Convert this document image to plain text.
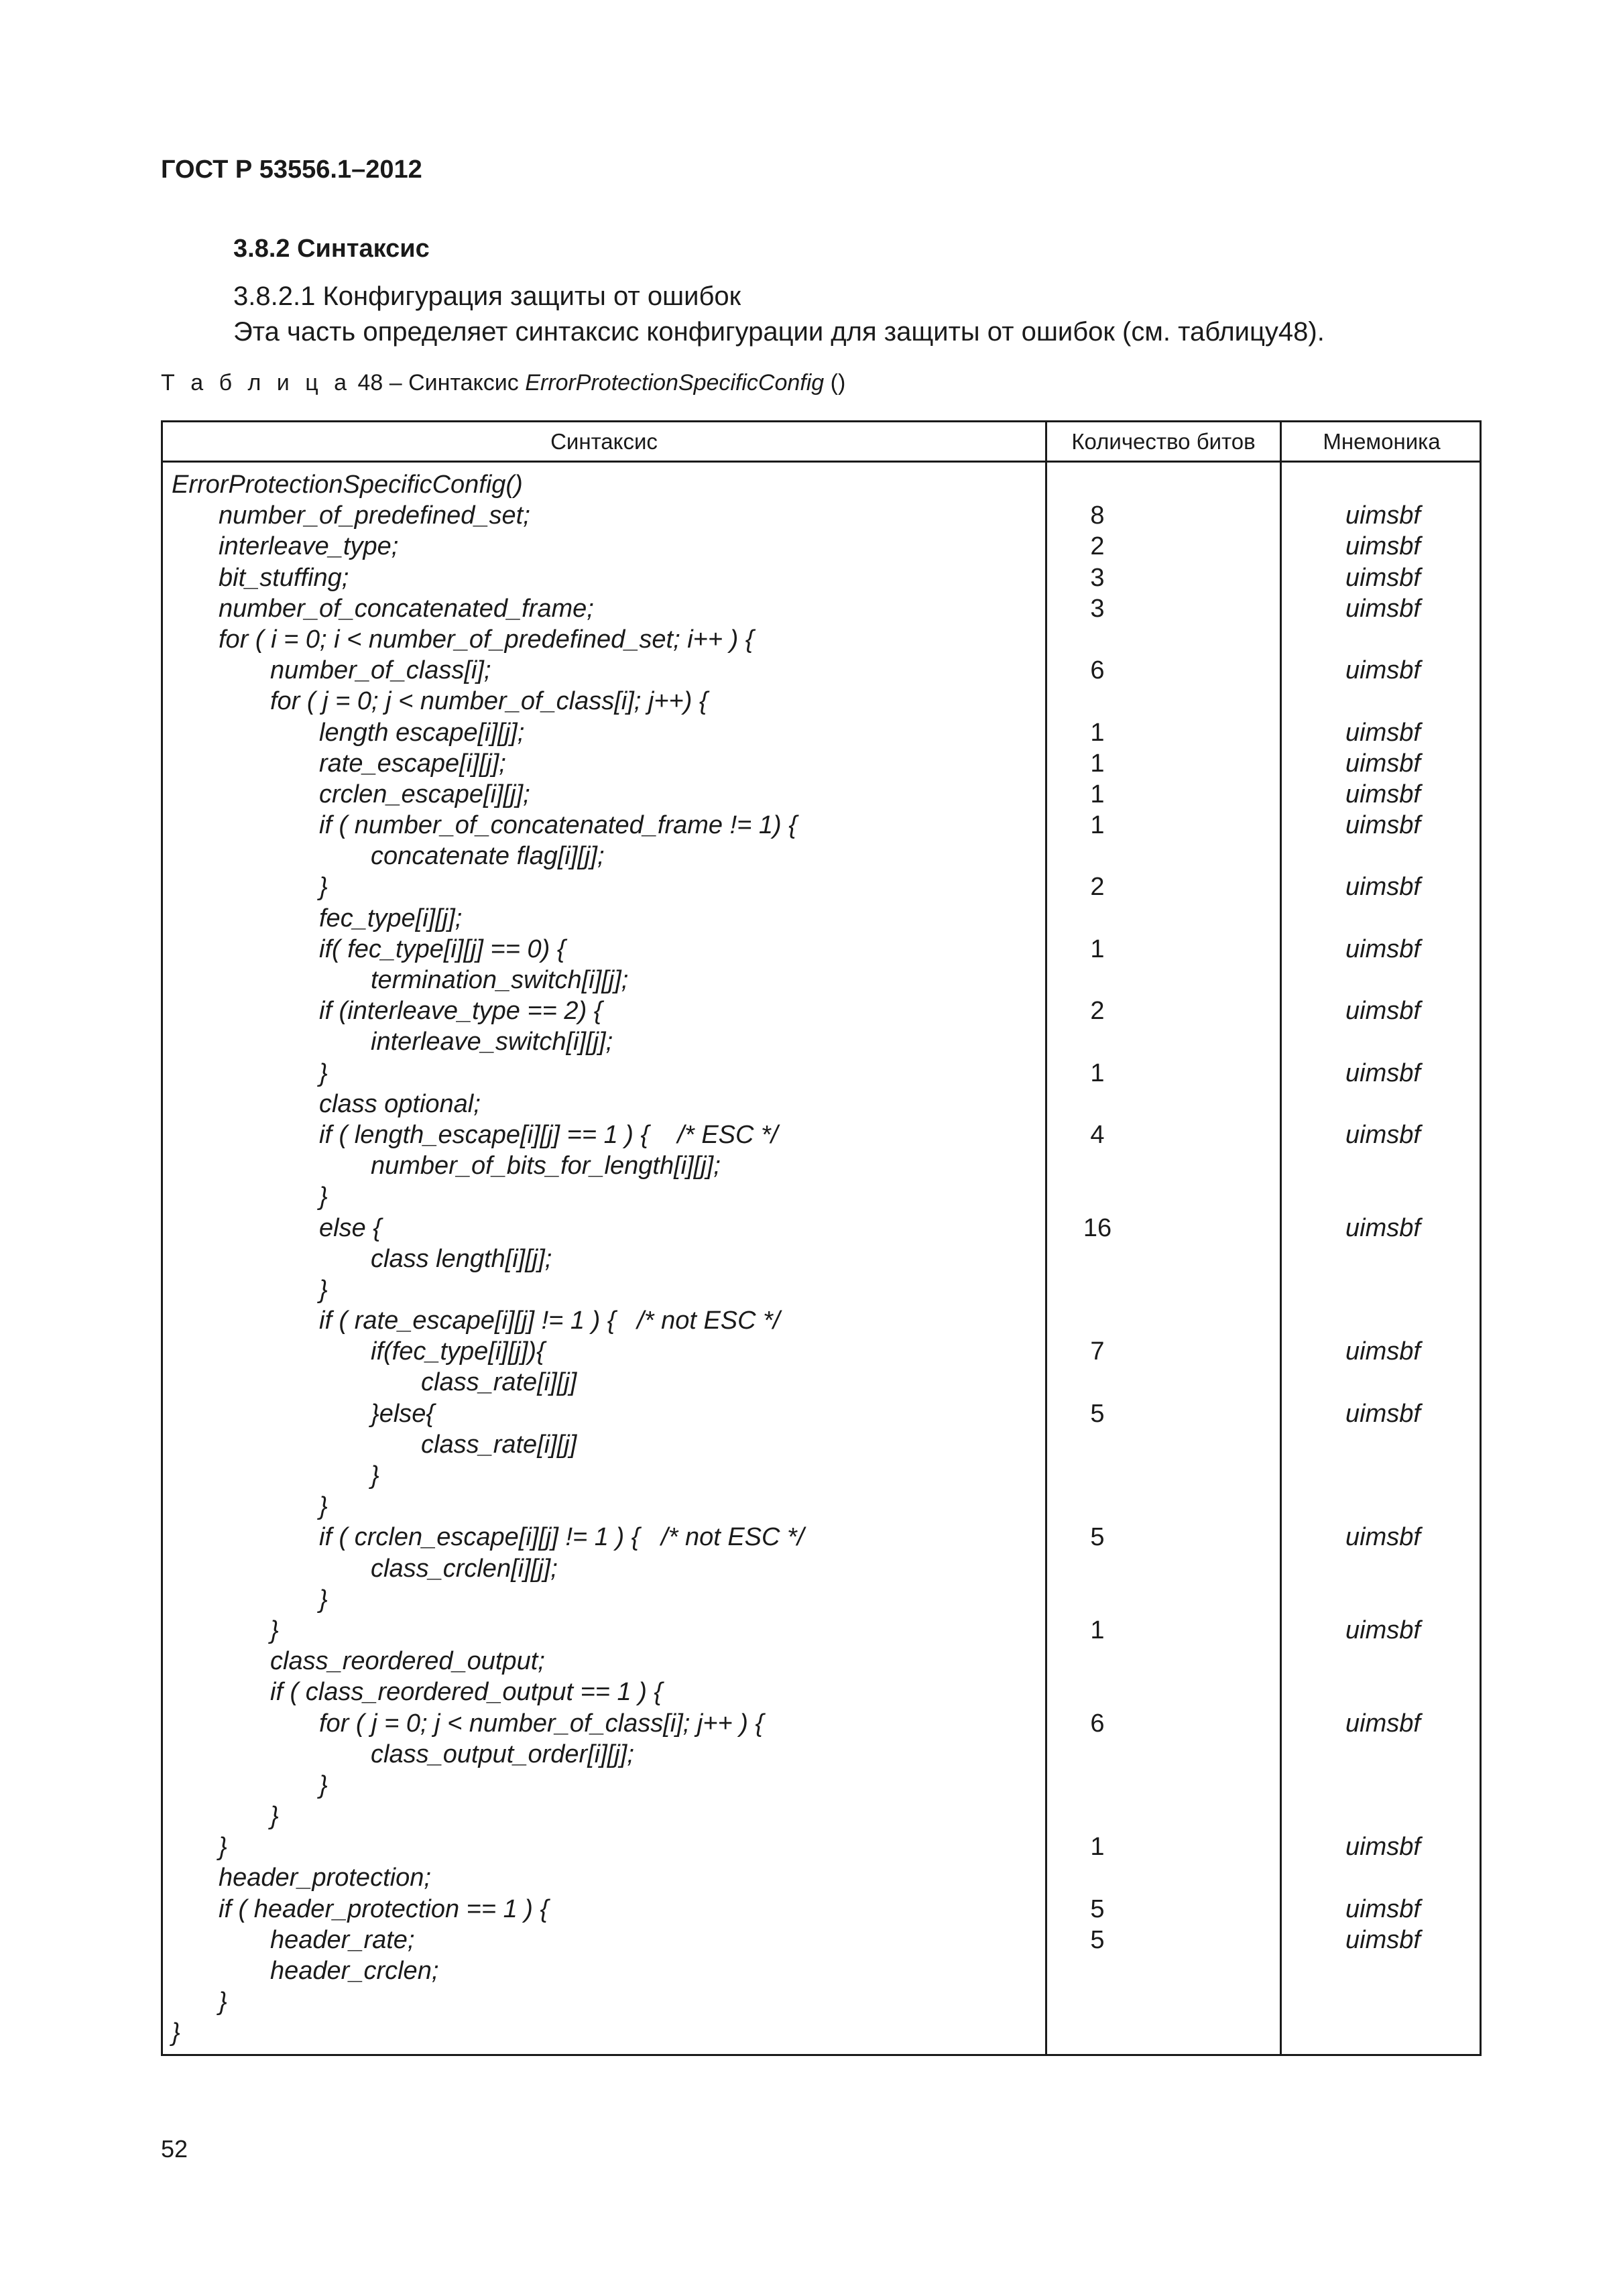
ГОСТ Р 53556.1–2012
3.8.2 Синтаксис
3.8.2.1 Конфигурация защиты от ошибок
Эта часть определяет синтаксис конфигурации для защиты от ошибок (см. таблицу48).
Т а б л и ц а 48 – Синтаксис ErrorProtectionSpecificConfig ()
Синтаксис	Количество битов	Мнемоника
ErrorProtectionSpecificConfig()
number_of_predefined_set;	8	uimsbf
interleave_type;	2	uimsbf
bit_stuffing;	3	uimsbf
number_of_concatenated_frame;	3	uimsbf
for ( i = 0; i < number_of_predefined_set; i++ ) {
number_of_class[i];	6	uimsbf
for ( j = 0; j < number_of_class[i]; j++) {
length escape[i][j];	1	uimsbf
rate_escape[i][j];	1	uimsbf
crclen_escape[i][j];	1	uimsbf
if ( number_of_concatenated_frame != 1) {	1	uimsbf
concatenate flag[i][j];
}	2	uimsbf
fec_type[i][j];
if( fec_type[i][j] == 0) {	1	uimsbf
termination_switch[i][j];
if (interleave_type == 2) {	2	uimsbf
interleave_switch[i][j];
}	1	uimsbf
class optional;
if ( length_escape[i][j] == 1 ) {    /* ESC */	4	uimsbf
number_of_bits_for_length[i][j];
}
else {	16	uimsbf
class length[i][j];
}
if ( rate_escape[i][j] != 1 ) {   /* not ESC */
if(fec_type[i][j]){	7	uimsbf
class_rate[i][j]
}else{	5	uimsbf
class_rate[i][j]
}
}
if ( crclen_escape[i][j] != 1 ) {   /* not ESC */	5	uimsbf
class_crclen[i][j];
}
}	1	uimsbf
class_reordered_output;
if ( class_reordered_output == 1 ) {
for ( j = 0; j < number_of_class[i]; j++ ) {	6	uimsbf
class_output_order[i][j];
}
}
}	1	uimsbf
header_protection;
if ( header_protection == 1 ) {	5	uimsbf
header_rate;	5	uimsbf
header_crclen;
}
}
52
